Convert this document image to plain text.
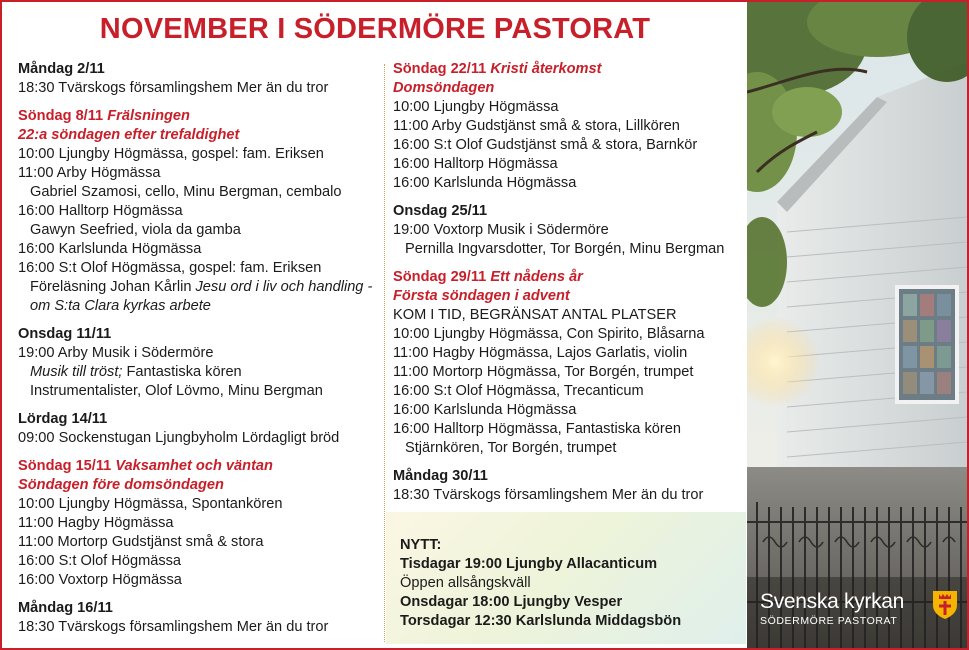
NOVEMBER I SÖDERMÖRE PASTORAT
Måndag 2/11
18:30 Tvärskogs församlingshem Mer än du tror
Söndag 8/11 Frälsningen
22:a söndagen efter trefaldighet
10:00 Ljungby Högmässa, gospel: fam. Eriksen
11:00 Arby Högmässa
Gabriel Szamosi, cello, Minu Bergman, cembalo
16:00 Halltorp Högmässa
Gawyn Seefried, viola da gamba
16:00 Karlslunda Högmässa
16:00 S:t Olof Högmässa, gospel: fam. Eriksen
Föreläsning Johan Kårlin Jesu ord i liv och handling - om S:ta Clara kyrkas arbete
Onsdag 11/11
19:00 Arby Musik i Södermöre
Musik till tröst; Fantastiska kören
Instrumentalister, Olof Lövmo, Minu Bergman
Lördag 14/11
09:00 Sockenstugan Ljungbyholm Lördagligt bröd
Söndag 15/11 Vaksamhet och väntan
Söndagen före domsöndagen
10:00 Ljungby Högmässa, Spontankören
11:00 Hagby Högmässa
11:00 Mortorp Gudstjänst små & stora
16:00 S:t Olof Högmässa
16:00 Voxtorp Högmässa
Måndag 16/11
18:30 Tvärskogs församlingshem Mer än du tror
Söndag 22/11 Kristi återkomst
Domsöndagen
10:00 Ljungby Högmässa
11:00 Arby Gudstjänst små & stora, Lillkören
16:00 S:t Olof Gudstjänst små & stora, Barnkör
16:00 Halltorp Högmässa
16:00 Karlslunda Högmässa
Onsdag 25/11
19:00 Voxtorp Musik i Södermöre
Pernilla Ingvarsdotter, Tor Borgén, Minu Bergman
Söndag 29/11 Ett nådens år
Första söndagen i advent
KOM I TID, BEGRÄNSAT ANTAL PLATSER
10:00 Ljungby Högmässa, Con Spirito, Blåsarna
11:00 Hagby Högmässa, Lajos Garlatis, violin
11:00 Mortorp Högmässa, Tor Borgén, trumpet
16:00 S:t Olof Högmässa, Trecanticum
16:00 Karlslunda Högmässa
16:00 Halltorp Högmässa, Fantastiska kören
Stjärnkören, Tor Borgén, trumpet
Måndag 30/11
18:30 Tvärskogs församlingshem Mer än du tror
NYTT:
Tisdagar 19:00 Ljungby Allacanticum
Öppen allsångskväll
Onsdagar 18:00 Ljungby Vesper
Torsdagar 12:30 Karlslunda Middagsbön
Svenska kyrkan
SÖDERMÖRE PASTORAT
